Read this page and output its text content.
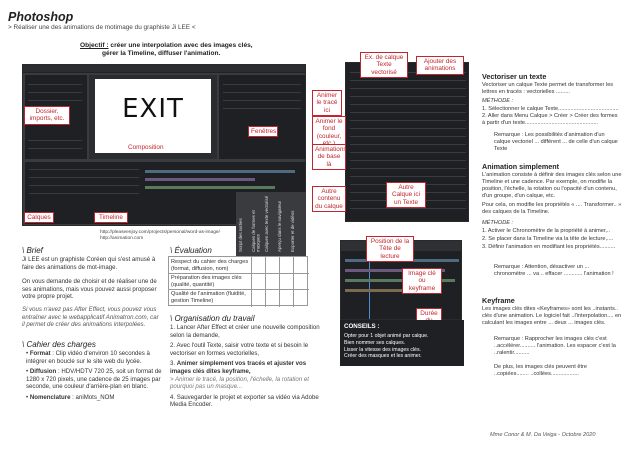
Photoshop
> Réaliser une des animations de motimage du graphiste Ji LEE <
Objectif : créer une interpolation avec des images clés,
gérer la Timeline, diffuser l'animation.
EXIT
Dossier, imports, etc.
Composition
Fenêtres
Calques	Timeline
Script des sorties	Calques de formes et masques Calques avec texte vectorisé	Aperçu dans le navigateur	Exporter et de vidéos
http://pleaseenjoy.com/projects/personal/word-as-image/
http://animation.com
Ex. de calque Texte vectorisé
Ajouter des animations
Animer le tracé ici
Animer le fond (couleur,
Animations de base là
Autre contenu du calque
Autre Calque ici un Texte
Position de la Tête de lecture
Image clé ou keyframe
Durée
CONSEILS :
Opter pour 1 objet animé par calque.
Bien nommer ses calques.
Lisser la vitesse des images clés.
Créer des masques et les animer.
\ Brief
Ji LEE est un graphiste Coréen qui s'est amusé à faire des animations de mot-image.
On vous demande de choisir et de réaliser une de ses animations, mais vous pouvez aussi proposer votre propre projet.
Si vous n'avez pas After Effect, vous pouvez vous entraîner avec le webapplicatif Animatron.com, car il permet de créer des animations interpolées.
\ Cahier des charges
• Format : Clip vidéo d'environ 10 secondes à intégrer en boucle sur le site web du lycée.
• Diffusion : HDV/HDTV 720 25, soit un format de 1280 x 720 pixels, une cadence de 25 images par seconde, une couleur d'arrière-plan en blanc.
• Nomenclature : aniMots_NOM
\ Évaluation
Respect du cahier des charges (format, diffusion, nom)
Préparation des images clés (qualité, quantité)
Qualité de l'animation (fluidité, gestion Timeline)
\ Organisation du travail
1. Lancer After Effect et créer une nouvelle composition selon la demande,
2. Avec l'outil Texte, saisir votre texte et si besoin le vectoriser en formes vectorielles,
3. Animer simplement vos tracés et ajuster vos images clés dites keyframe,
> Animer le tracé, la position, l'échelle, la rotation et pourquoi pas un masque...
4. Sauvegarder le projet et exporter sa vidéo via Adobe Media Encoder.
Vectoriser un texte
Vectoriser un calque Texte permet de transformer les lettres en tracés : vectorielles .........
MÉTHODE :
1. Sélectionner le calque Texte.......................................
2. Aller dans Menu Calque > Créer > Créer des formes à partir d'un texte...............................................
Remarque : Les possibilités d'animation d'un calque vectoriel ... différent ... de celle d'un calque Texte
Animation simplement
L'animation consiste à définir des images clés selon une Timeline et une cadence. Par exemple, on modifie la position, l'échelle, la rotation ou l'opacité d'un contenu, d'un groupe, d'un calque, etc.
Pour cela, on modifie les propriétés « .... Transformer.. » des calques de la Timeline.
MÉTHODE :
1. Activer le Chronomètre de la propriété à animer,..
2. Se placer dans la Timeline via la tête de lecture,....
3. Définir l'animation en modifiant les propriétés..........
Remarque : Attention, désactiver un ... chronomètre ... va .. effacer ............ l'animation !
Keyframe
Les images clés dites «Keyframes» sont les ..instants.. clés d'une animation. Le logiciel fait ..l'interpolation.... en calculant les images entre ... deux ... images clés.
Remarque : Rapprocher les images clés c'est ..accélérer.......... l'animation. Les espacer c'est la ..ralentir..........
De plus, les images clés peuvent être ..copiées........ ..collées..................
Mme Conor & M. Da Veiga - Octobre 2020
